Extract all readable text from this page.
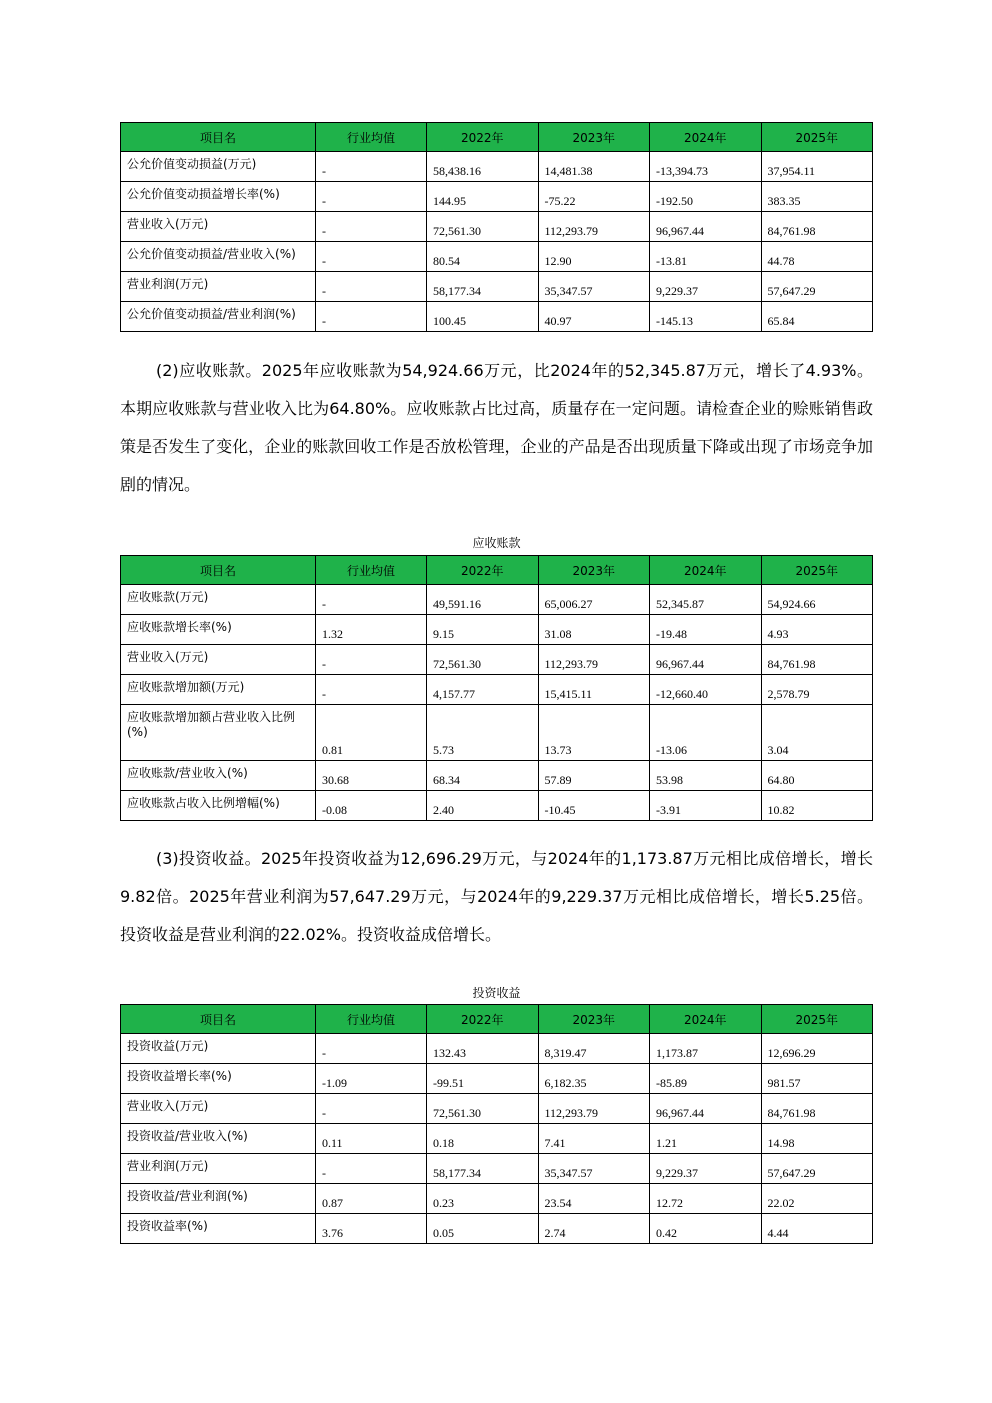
项目名	行业均值	2022年	2023年	2024年	2025年
公允价值变动损益(万元)	-	58,438.16	14,481.38	-13,394.73	37,954.11
公允价值变动损益增长率(%)	-	144.95	-75.22	-192.50	383.35
营业收入(万元)	-	72,561.30	112,293.79	96,967.44	84,761.98
公允价值变动损益/营业收入(%)	-	80.54	12.90	-13.81	44.78
营业利润(万元)	-	58,177.34	35,347.57	9,229.37	57,647.29
公允价值变动损益/营业利润(%)	-	100.45	40.97	-145.13	65.84

(2)应收账款。2025年应收账款为54,924.66万元，比2024年的52,345.87万元，增长了4.93%。本期应收账款与营业收入比为64.80%。应收账款占比过高，质量存在一定问题。请检查企业的赊账销售政策是否发生了变化，企业的账款回收工作是否放松管理，企业的产品是否出现质量下降或出现了市场竞争加剧的情况。

应收账款
项目名	行业均值	2022年	2023年	2024年	2025年
应收账款(万元)	-	49,591.16	65,006.27	52,345.87	54,924.66
应收账款增长率(%)	1.32	9.15	31.08	-19.48	4.93
营业收入(万元)	-	72,561.30	112,293.79	96,967.44	84,761.98
应收账款增加额(万元)	-	4,157.77	15,415.11	-12,660.40	2,578.79
应收账款增加额占营业收入比例(%)	0.81	5.73	13.73	-13.06	3.04
应收账款/营业收入(%)	30.68	68.34	57.89	53.98	64.80
应收账款占收入比例增幅(%)	-0.08	2.40	-10.45	-3.91	10.82

(3)投资收益。2025年投资收益为12,696.29万元，与2024年的1,173.87万元相比成倍增长，增长9.82倍。2025年营业利润为57,647.29万元，与2024年的9,229.37万元相比成倍增长，增长5.25倍。投资收益是营业利润的22.02%。投资收益成倍增长。

投资收益
项目名	行业均值	2022年	2023年	2024年	2025年
投资收益(万元)	-	132.43	8,319.47	1,173.87	12,696.29
投资收益增长率(%)	-1.09	-99.51	6,182.35	-85.89	981.57
营业收入(万元)	-	72,561.30	112,293.79	96,967.44	84,761.98
投资收益/营业收入(%)	0.11	0.18	7.41	1.21	14.98
营业利润(万元)	-	58,177.34	35,347.57	9,229.37	57,647.29
投资收益/营业利润(%)	0.87	0.23	23.54	12.72	22.02
投资收益率(%)	3.76	0.05	2.74	0.42	4.44
